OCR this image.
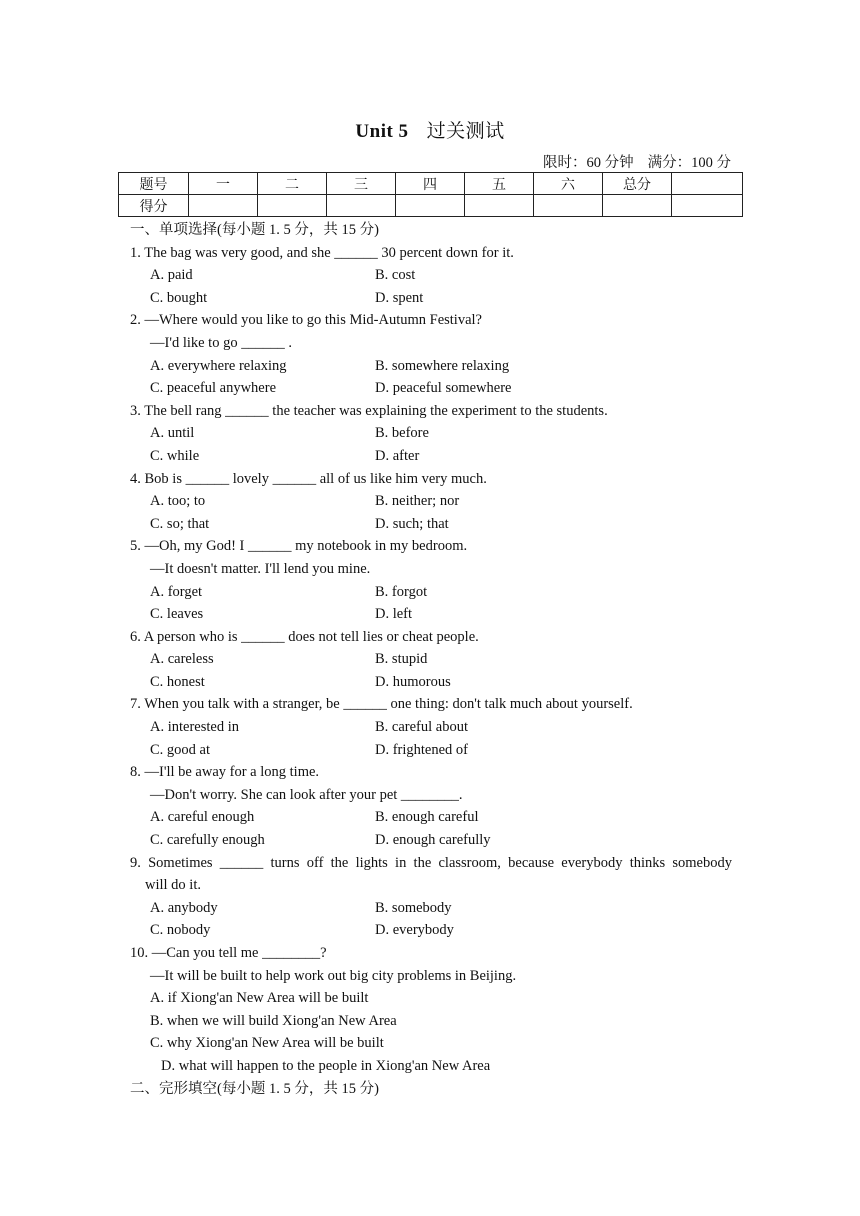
Unit 5 过关测试
限时：60 分钟 满分：100 分
题号	一	二	三	四	五	六	总分	
得分								
一、单项选择(每小题 1. 5 分，共 15 分)
1. The bag was very good, and she ______ 30 percent down for it.
A. paid	B. cost
C. bought	D. spent
2. —Where would you like to go this Mid-Autumn Festival?
—I'd like to go ______ .
A. everywhere relaxing	B. somewhere relaxing
C. peaceful anywhere	D. peaceful somewhere
3. The bell rang ______ the teacher was explaining the experiment to the students.
A. until	B. before
C. while	D. after
4. Bob is ______ lovely ______ all of us like him very much.
A. too; to	B. neither; nor
C. so; that	D. such; that
5. —Oh, my God! I ______ my notebook in my bedroom.
—It doesn't matter. I'll lend you mine.
A. forget	B. forgot
C. leaves	D. left
6. A person who is ______ does not tell lies or cheat people.
A. careless	B. stupid
C. honest	D. humorous
7. When you talk with a stranger, be ______ one thing: don't talk much about yourself.
A. interested in	B. careful about
C. good at	D. frightened of
8. —I'll be away for a long time.
—Don't worry. She can look after your pet ________.
A. careful enough	B. enough careful
C. carefully enough	D. enough carefully
9. Sometimes ______ turns off the lights in the classroom, because everybody thinks somebody
will do it.
A. anybody	B. somebody
C. nobody	D. everybody
10. —Can you tell me ________?
—It will be built to help work out big city problems in Beijing.
A. if Xiong'an New Area will be built
B. when we will build Xiong'an New Area
C. why Xiong'an New Area will be built
D. what will happen to the people in Xiong'an New Area
二、完形填空(每小题 1. 5 分，共 15 分)
